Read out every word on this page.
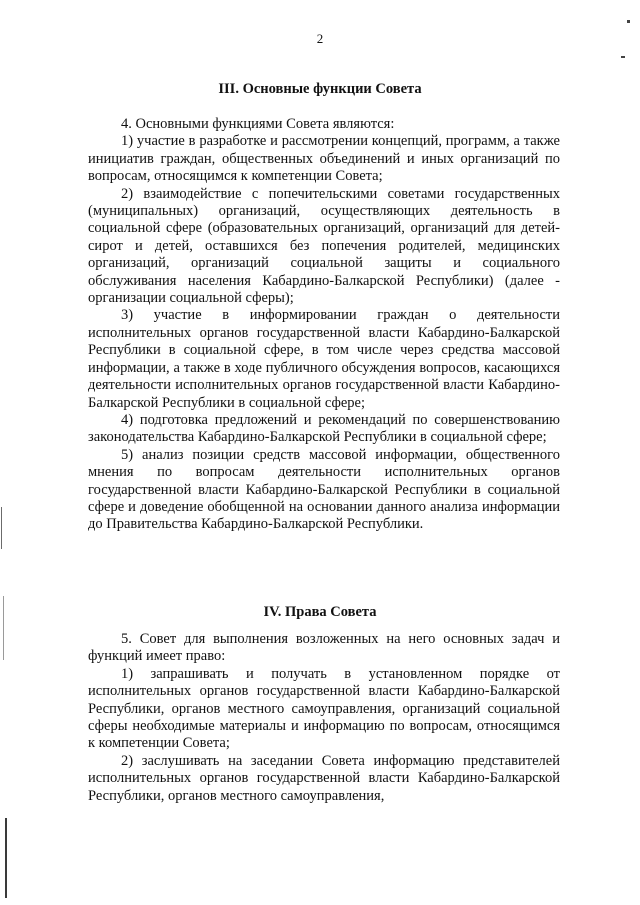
2
III. Основные функции Совета

4. Основными функциями Совета являются:

1) участие в разработке и рассмотрении концепций, программ, а также инициатив граждан, общественных объединений и иных организаций по вопросам, относящимся к компетенции Совета;

2) взаимодействие с попечительскими советами государственных (муниципальных) организаций, осуществляющих деятельность в социальной сфере (образовательных организаций, организаций для детей-сирот и детей, оставшихся без попечения родителей, медицинских организаций, организаций социальной защиты и социального обслуживания населения Кабардино-Балкарской Республики) (далее - организации социальной сферы);

3) участие в информировании граждан о деятельности исполнительных органов государственной власти Кабардино-Балкарской Республики в социальной сфере, в том числе через средства массовой информации, а также в ходе публичного обсуждения вопросов, касающихся деятельности исполнительных органов государственной власти Кабардино-Балкарской Республики в социальной сфере;

4) подготовка предложений и рекомендаций по совершенствованию законодательства Кабардино-Балкарской Республики в социальной сфере;

5) анализ позиции средств массовой информации, общественного мнения по вопросам деятельности исполнительных органов государственной власти Кабардино-Балкарской Республики в социальной сфере и доведение обобщенной на основании данного анализа информации до Правительства Кабардино-Балкарской Республики.

IV. Права Совета

5. Совет для выполнения возложенных на него основных задач и функций имеет право:

1) запрашивать и получать в установленном порядке от исполнительных органов государственной власти Кабардино-Балкарской Республики, органов местного самоуправления, организаций социальной сферы необходимые материалы и информацию по вопросам, относящимся к компетенции Совета;

2) заслушивать на заседании Совета информацию представителей исполнительных органов государственной власти Кабардино-Балкарской Республики, органов местного самоуправления,
